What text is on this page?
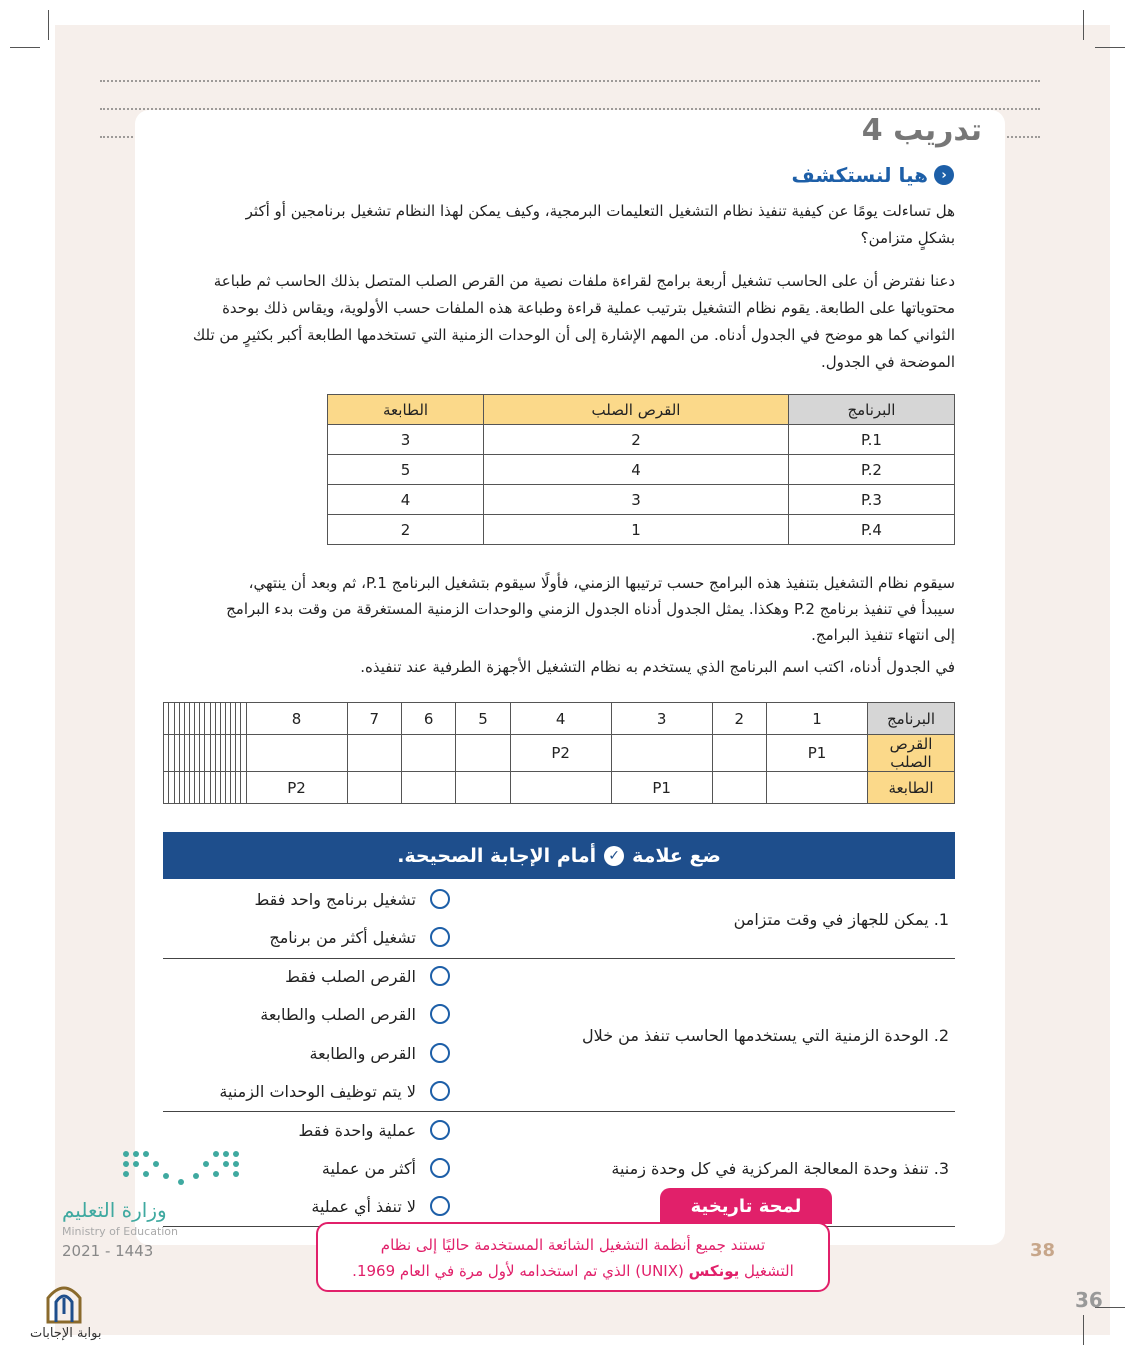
تدريب 4
‹
هيا لنستكشف
هل تساءلت يومًا عن كيفية تنفيذ نظام التشغيل التعليمات البرمجية، وكيف يمكن لهذا النظام تشغيل برنامجين أو أكثر
بشكلٍ متزامن؟
دعنا نفترض أن على الحاسب تشغيل أربعة برامج لقراءة ملفات نصية من القرص الصلب المتصل بذلك الحاسب ثم طباعة
محتوياتها على الطابعة. يقوم نظام التشغيل بترتيب عملية قراءة وطباعة هذه الملفات حسب الأولوية، ويقاس ذلك بوحدة
الثواني كما هو موضح في الجدول أدناه. من المهم الإشارة إلى أن الوحدات الزمنية التي تستخدمها الطابعة أكبر بكثيرٍ من تلك
الموضحة في الجدول.
الطابعة	القرص الصلب	البرنامج
3	2	P.1
5	4	P.2
4	3	P.3
2	1	P.4
سيقوم نظام التشغيل بتنفيذ هذه البرامج حسب ترتيبها الزمني، فأولًا سيقوم بتشغيل البرنامج P.1، ثم وبعد أن ينتهي،
سيبدأ في تنفيذ برنامج P.2 وهكذا. يمثل الجدول أدناه الجدول الزمني والوحدات الزمنية المستغرقة من وقت بدء البرامج
إلى انتهاء تنفيذ البرامج.
في الجدول أدناه، اكتب اسم البرنامج الذي يستخدم به نظام التشغيل الأجهزة الطرفية عند تنفيذه.
البرنامج	1	2	3	4	5	6	7	8																
القرص الصلب	P1			P2																				
الطابعة			P1					P2																
ضع علامة
✓
أمام الإجابة الصحيحة.
1. يمكن للجهاز في وقت متزامن
تشغيل برنامج واحد فقط
تشغيل أكثر من برنامج
2. الوحدة الزمنية التي يستخدمها الحاسب تنفذ من خلال
القرص الصلب فقط
القرص الصلب والطابعة
القرص والطابعة
لا يتم توظيف الوحدات الزمنية
3. تنفذ وحدة المعالجة المركزية في كل وحدة زمنية
عملية واحدة فقط
أكثر من عملية
لا تنفذ أي عملية	لمحة تاريخية
تستند جميع أنظمة التشغيل الشائعة المستخدمة حاليًا إلى نظام
التشغيل يونكس (UNIX) الذي تم استخدامه لأول مرة في العام 1969.
وزارة التعليم
Ministry of Education
2021 - 1443	38
36
بوابة الإجابات
